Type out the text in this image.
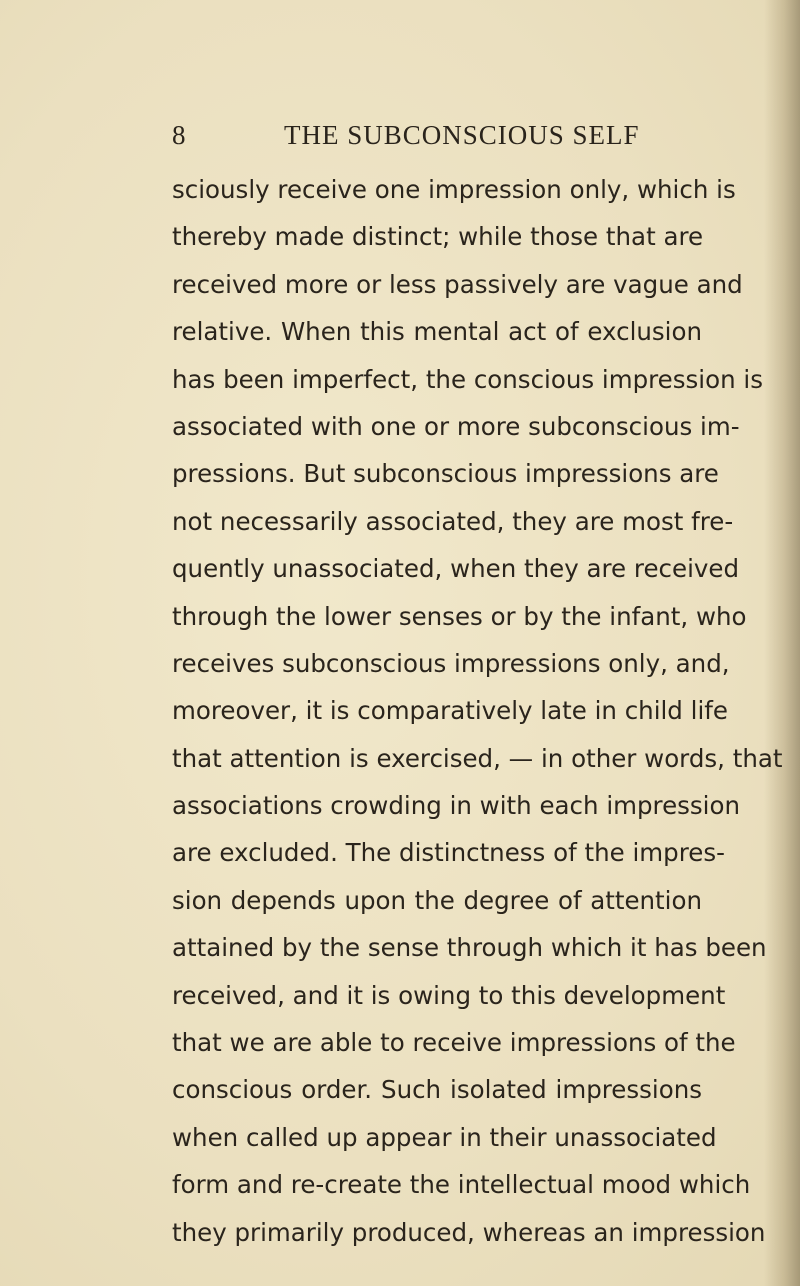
8	THE SUBCONSCIOUS SELF
sciously receive one impression only, which is
thereby made distinct; while those that are
received more or less passively are vague and
relative. When this mental act of exclusion
has been imperfect, the conscious impression is
associated with one or more subconscious im-
pressions. But subconscious impressions are
not necessarily associated, they are most fre-
quently unassociated, when they are received
through the lower senses or by the infant, who
receives subconscious impressions only, and,
moreover, it is comparatively late in child life
that attention is exercised, — in other words, that
associations crowding in with each impression
are excluded. The distinctness of the impres-
sion depends upon the degree of attention
attained by the sense through which it has been
received, and it is owing to this development
that we are able to receive impressions of the
conscious order. Such isolated impressions
when called up appear in their unassociated
form and re-create the intellectual mood which
they primarily produced, whereas an impression
